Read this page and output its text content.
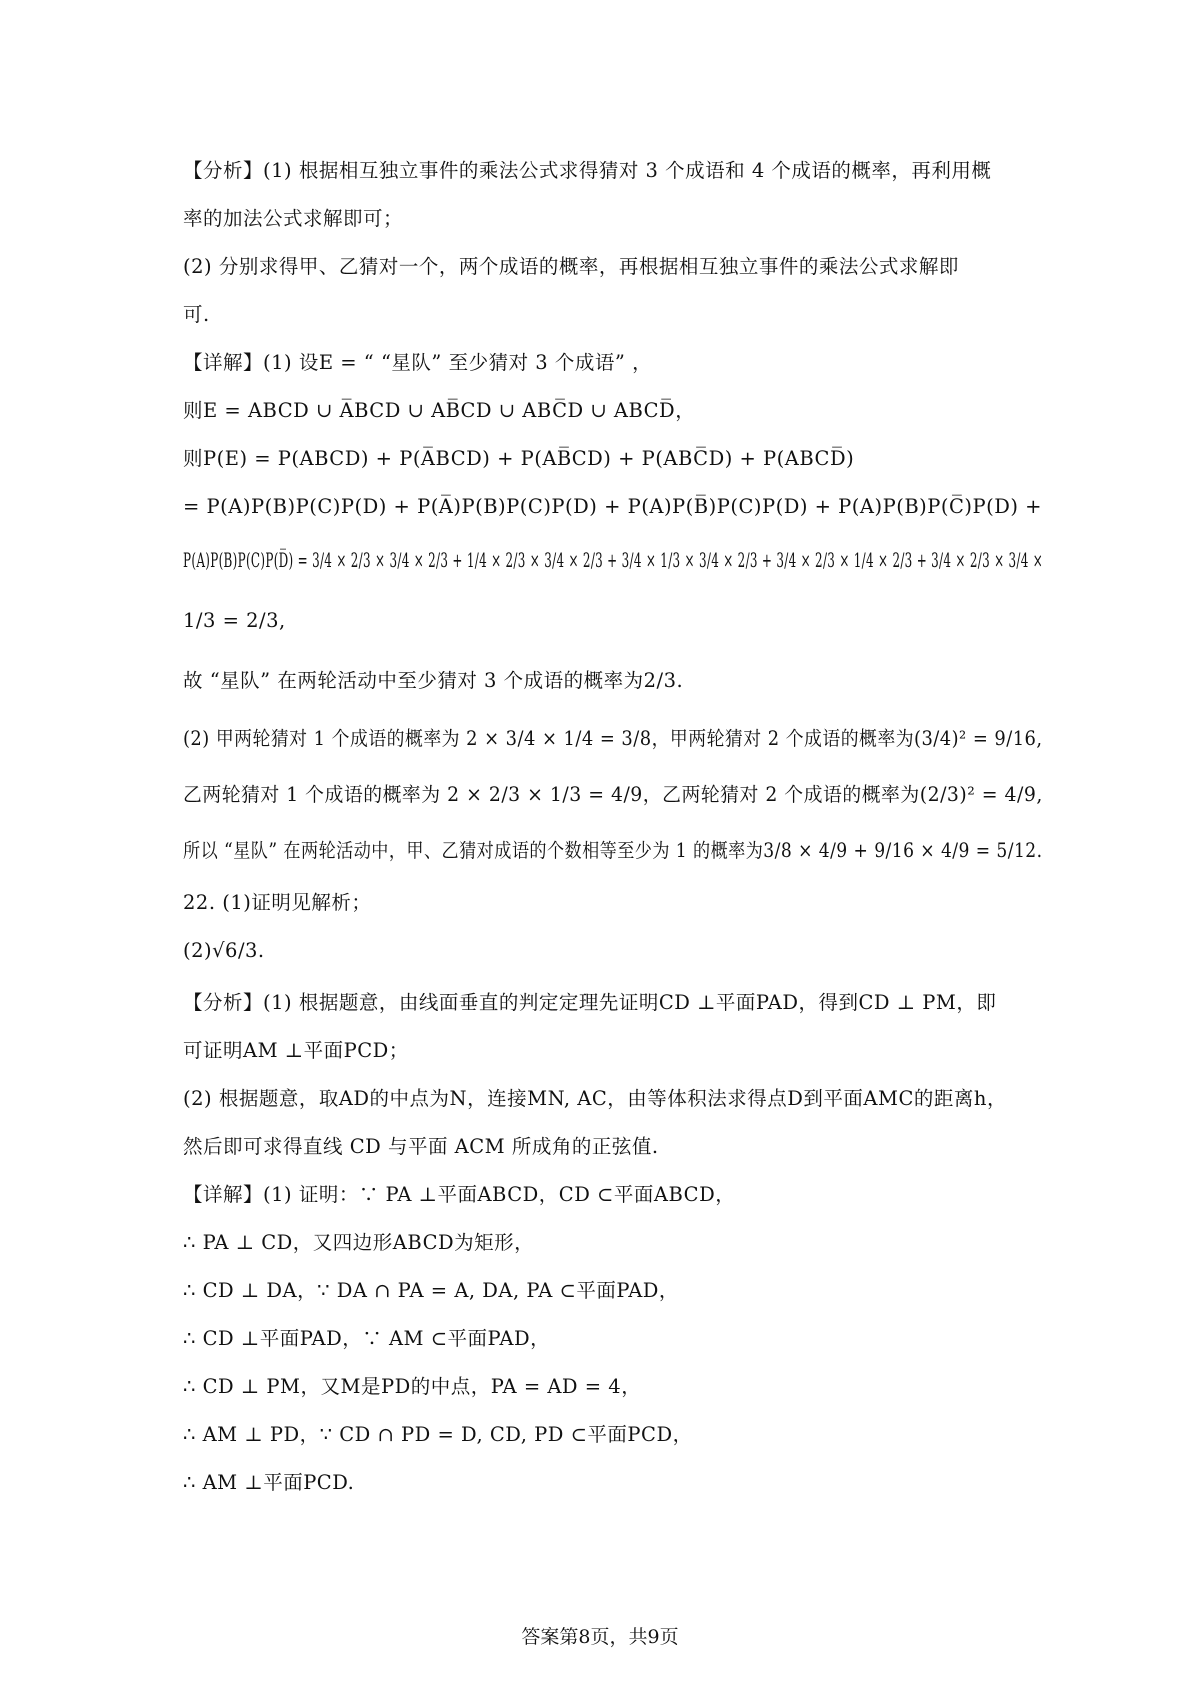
【分析】(1) 根据相互独立事件的乘法公式求得猜对 3 个成语和 4 个成语的概率，再利用概
率的加法公式求解即可；
(2) 分别求得甲、乙猜对一个，两个成语的概率，再根据相互独立事件的乘法公式求解即
可.
【详解】(1) 设E = “ “星队” 至少猜对 3 个成语” ，
则E = ABCD ∪ A̅BCD ∪ AB̅CD ∪ ABC̅D ∪ ABCD̅，
则P(E) = P(ABCD) + P(A̅BCD) + P(AB̅CD) + P(ABC̅D) + P(ABCD̅)
= P(A)P(B)P(C)P(D) + P(A̅)P(B)P(C)P(D) + P(A)P(B̅)P(C)P(D) + P(A)P(B)P(C̅)P(D) +
P(A)P(B)P(C)P(D̅) = 3/4 × 2/3 × 3/4 × 2/3 + 1/4 × 2/3 × 3/4 × 2/3 + 3/4 × 1/3 × 3/4 × 2/3 + 3/4 × 2/3 × 1/4 × 2/3 + 3/4 × 2/3 × 3/4 ×
1/3 = 2/3,
故 “星队” 在两轮活动中至少猜对 3 个成语的概率为2/3.
(2) 甲两轮猜对 1 个成语的概率为 2 × 3/4 × 1/4 = 3/8，甲两轮猜对 2 个成语的概率为(3/4)² = 9/16,
乙两轮猜对 1 个成语的概率为 2 × 2/3 × 1/3 = 4/9，乙两轮猜对 2 个成语的概率为(2/3)² = 4/9,
所以 “星队” 在两轮活动中，甲、乙猜对成语的个数相等至少为 1 的概率为3/8 × 4/9 + 9/16 × 4/9 = 5/12.
22. (1)证明见解析；
(2)√6/3.
【分析】(1) 根据题意，由线面垂直的判定定理先证明CD ⊥平面PAD，得到CD ⊥ PM，即
可证明AM ⊥平面PCD；
(2) 根据题意，取AD的中点为N，连接MN, AC，由等体积法求得点D到平面AMC的距离h，
然后即可求得直线 CD 与平面 ACM 所成角的正弦值.
【详解】(1) 证明：∵ PA ⊥平面ABCD，CD ⊂平面ABCD，
∴ PA ⊥ CD，又四边形ABCD为矩形，
∴ CD ⊥ DA，∵ DA ∩ PA = A, DA, PA ⊂平面PAD，
∴ CD ⊥平面PAD，∵ AM ⊂平面PAD，
∴ CD ⊥ PM，又M是PD的中点，PA = AD = 4，
∴ AM ⊥ PD，∵ CD ∩ PD = D, CD, PD ⊂平面PCD，
∴ AM ⊥平面PCD.
答案第8页，共9页
